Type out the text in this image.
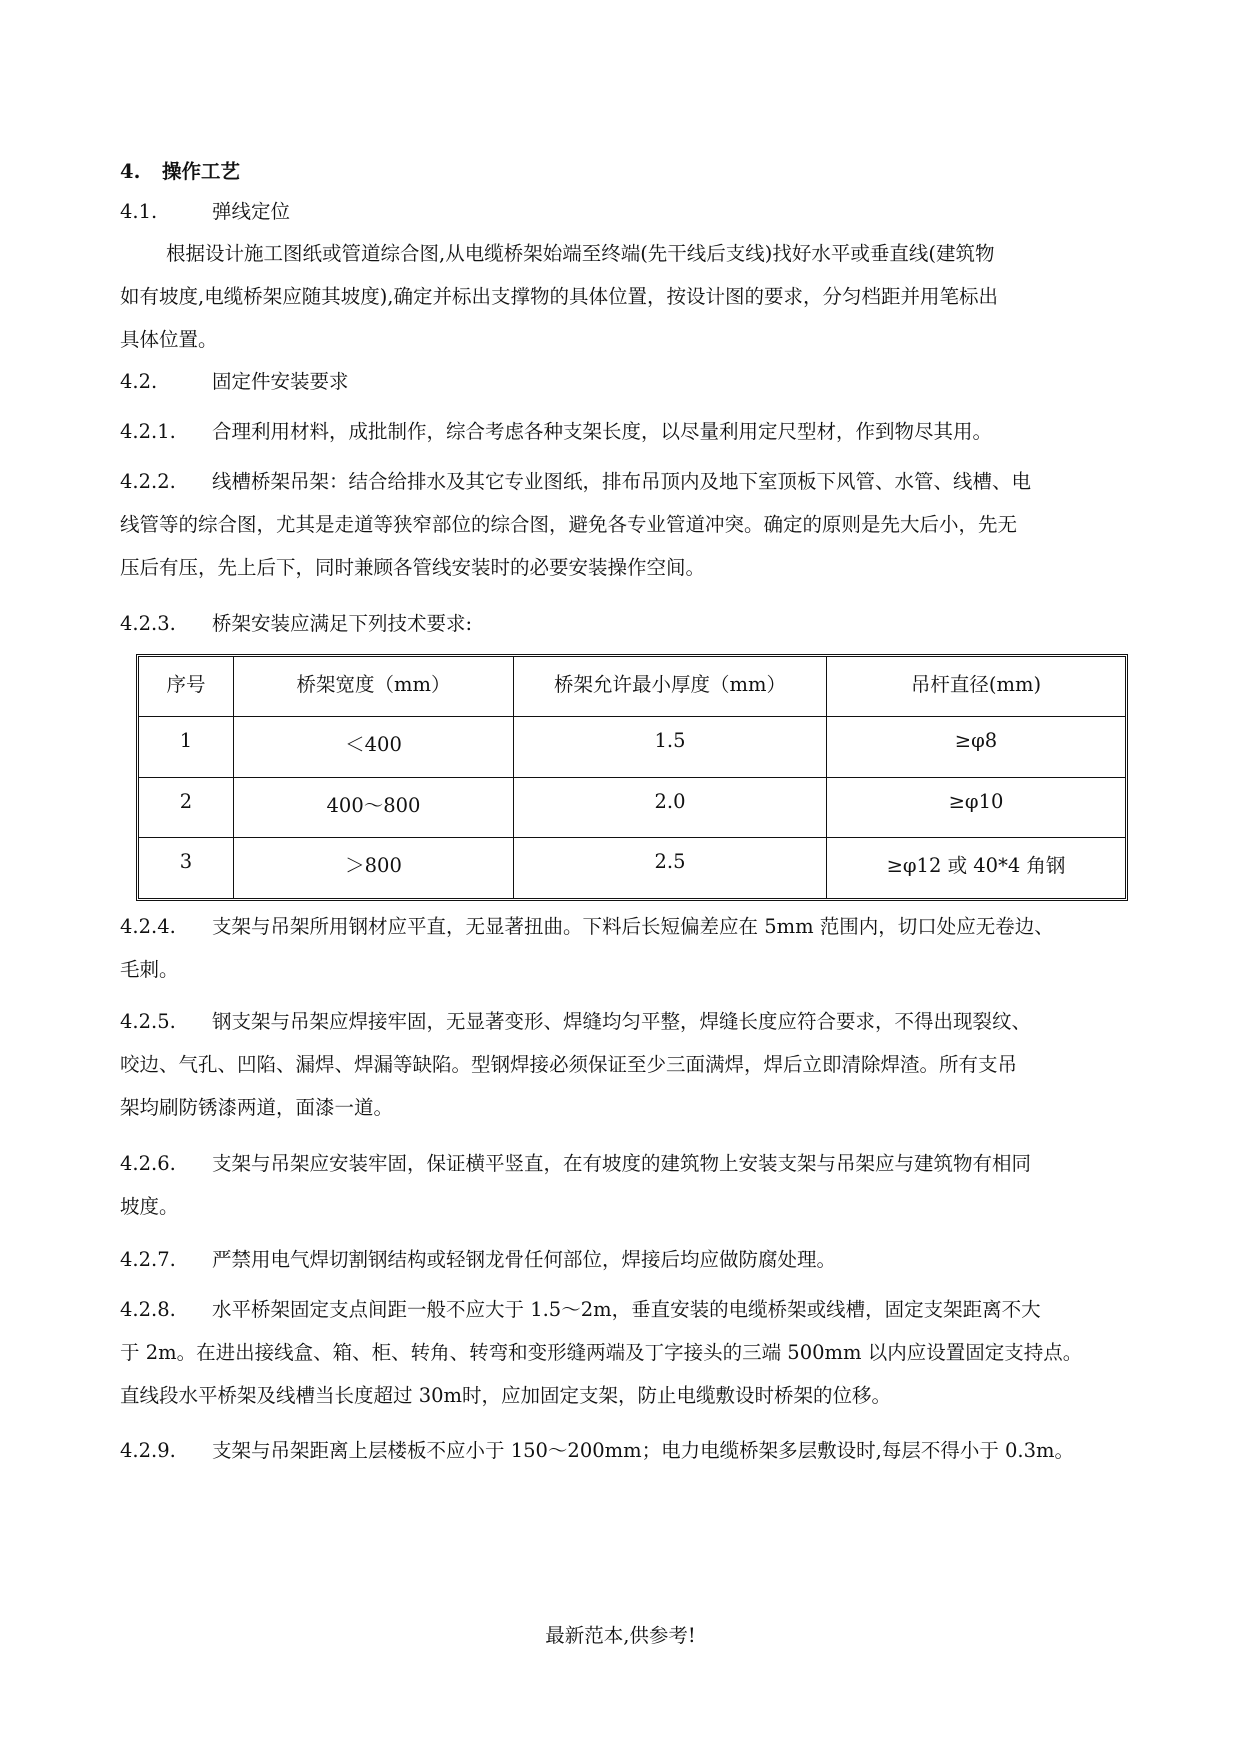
4. 操作工艺
4.1.	弹线定位
根据设计施工图纸或管道综合图,从电缆桥架始端至终端(先干线后支线)找好水平或垂直线(建筑物
如有坡度,电缆桥架应随其坡度),确定并标出支撑物的具体位置，按设计图的要求，分匀档距并用笔标出
具体位置。
4.2.	固定件安装要求
4.2.1. 合理利用材料，成批制作，综合考虑各种支架长度，以尽量利用定尺型材，作到物尽其用。
4.2.2. 线槽桥架吊架：结合给排水及其它专业图纸，排布吊顶内及地下室顶板下风管、水管、线槽、电
线管等的综合图，尤其是走道等狭窄部位的综合图，避免各专业管道冲突。确定的原则是先大后小，先无
压后有压，先上后下，同时兼顾各管线安装时的必要安装操作空间。
4.2.3. 桥架安装应满足下列技术要求:
序号	桥架宽度（mm）	桥架允许最小厚度（mm）	吊杆直径(mm)
1	＜400	1.5	≥φ8
2	400～800	2.0	≥φ10
3	＞800	2.5	≥φ12 或 40*4 角钢
4.2.4. 支架与吊架所用钢材应平直，无显著扭曲。下料后长短偏差应在 5mm 范围内，切口处应无卷边、
毛刺。
4.2.5. 钢支架与吊架应焊接牢固，无显著变形、焊缝均匀平整，焊缝长度应符合要求，不得出现裂纹、
咬边、气孔、凹陷、漏焊、焊漏等缺陷。型钢焊接必须保证至少三面满焊，焊后立即清除焊渣。所有支吊
架均刷防锈漆两道，面漆一道。
4.2.6. 支架与吊架应安装牢固，保证横平竖直，在有坡度的建筑物上安装支架与吊架应与建筑物有相同
坡度。
4.2.7. 严禁用电气焊切割钢结构或轻钢龙骨任何部位，焊接后均应做防腐处理。
4.2.8. 水平桥架固定支点间距一般不应大于 1.5～2m，垂直安装的电缆桥架或线槽，固定支架距离不大
于 2m。在进出接线盒、箱、柜、转角、转弯和变形缝两端及丁字接头的三端 500mm 以内应设置固定支持点。
直线段水平桥架及线槽当长度超过 30m时，应加固定支架，防止电缆敷设时桥架的位移。
4.2.9. 支架与吊架距离上层楼板不应小于 150～200mm；电力电缆桥架多层敷设时,每层不得小于 0.3m。
最新范本,供参考!
